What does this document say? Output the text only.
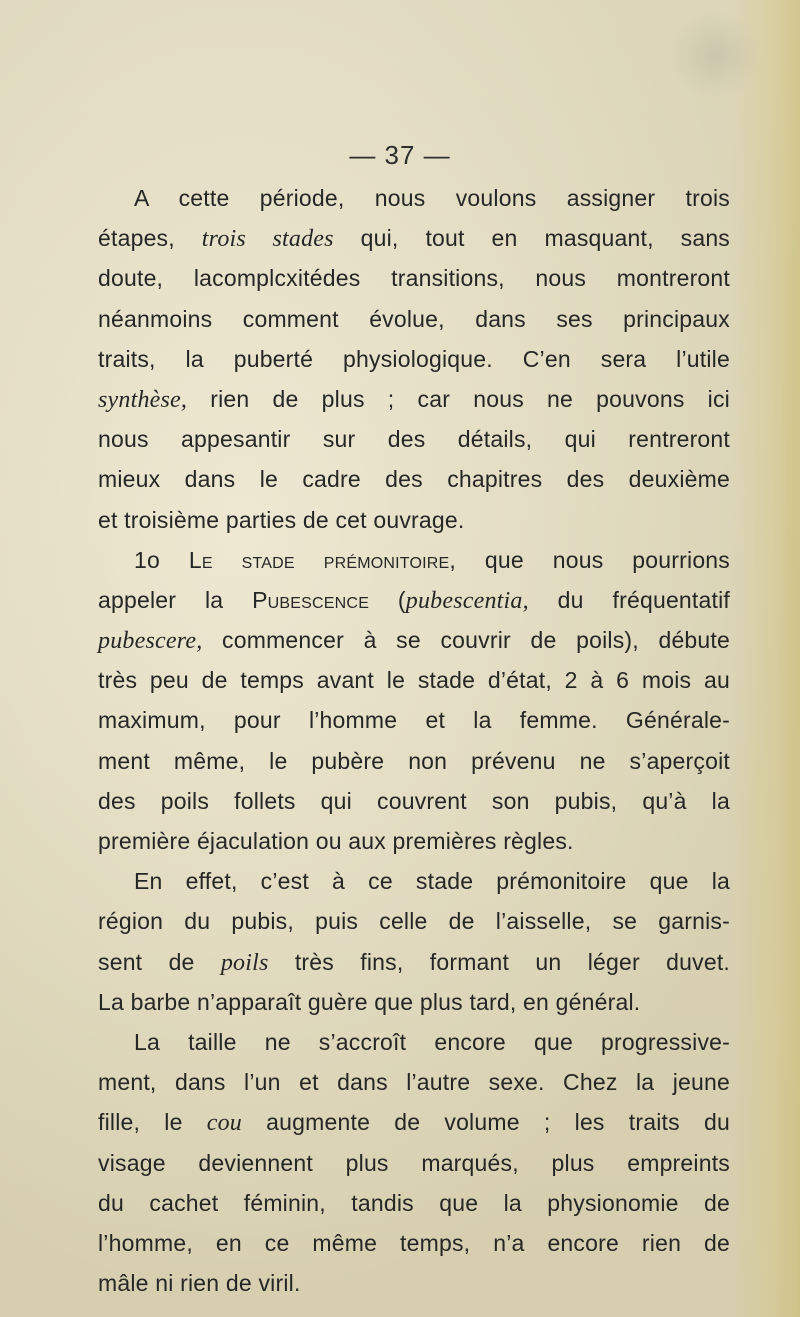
— 37 —
A cette période, nous voulons assigner trois
étapes, trois stades qui, tout en masquant, sans
doute, lacomplcxitédes transitions, nous montreront
néanmoins comment évolue, dans ses principaux
traits, la puberté physiologique. C’en sera l’utile
synthèse, rien de plus ; car nous ne pouvons ici
nous appesantir sur des détails, qui rentreront
mieux dans le cadre des chapitres des deuxième
et troisième parties de cet ouvrage.
1o Le stade prémonitoire, que nous pourrions
appeler la Pubescence (pubescentia, du fréquentatif
pubescere, commencer à se couvrir de poils), débute
très peu de temps avant le stade d’état, 2 à 6 mois au
maximum, pour l’homme et la femme. Générale-
ment même, le pubère non prévenu ne s’aperçoit
des poils follets qui couvrent son pubis, qu’à la
première éjaculation ou aux premières règles.
En effet, c’est à ce stade prémonitoire que la
région du pubis, puis celle de l’aisselle, se garnis-
sent de poils très fins, formant un léger duvet.
La barbe n’apparaît guère que plus tard, en général.
La taille ne s’accroît encore que progressive-
ment, dans l’un et dans l’autre sexe. Chez la jeune
fille, le cou augmente de volume ; les traits du
visage deviennent plus marqués, plus empreints
du cachet féminin, tandis que la physionomie de
l’homme, en ce même temps, n’a encore rien de
mâle ni rien de viril.
